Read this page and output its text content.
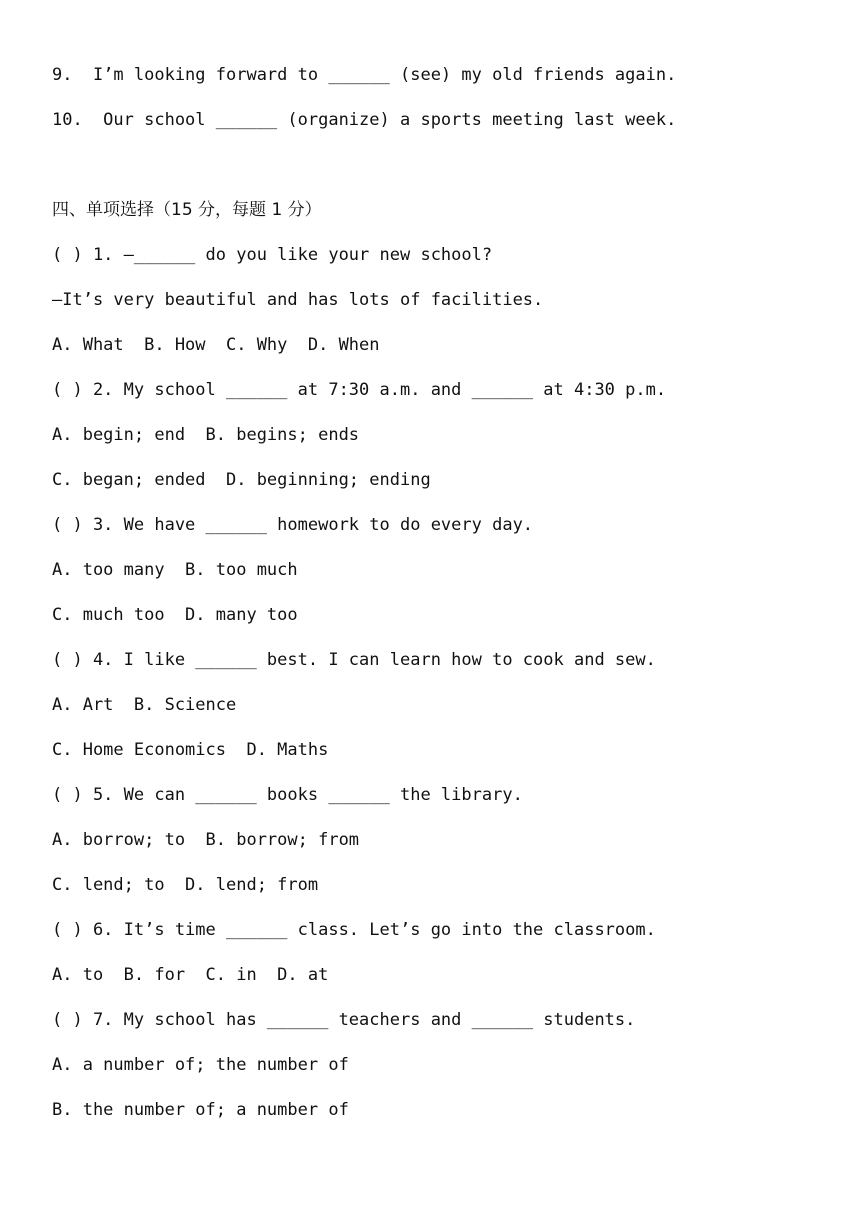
9.  I’m looking forward to ______ (see) my old friends again.
10.  Our school ______ (organize) a sports meeting last week.
四、单项选择（15 分，每题 1 分）
( ) 1. —______ do you like your new school?
—It’s very beautiful and has lots of facilities.
A. What  B. How  C. Why  D. When
( ) 2. My school ______ at 7:30 a.m. and ______ at 4:30 p.m.
A. begin; end  B. begins; ends
C. began; ended  D. beginning; ending
( ) 3. We have ______ homework to do every day.
A. too many  B. too much
C. much too  D. many too
( ) 4. I like ______ best. I can learn how to cook and sew.
A. Art  B. Science
C. Home Economics  D. Maths
( ) 5. We can ______ books ______ the library.
A. borrow; to  B. borrow; from
C. lend; to  D. lend; from
( ) 6. It’s time ______ class. Let’s go into the classroom.
A. to  B. for  C. in  D. at
( ) 7. My school has ______ teachers and ______ students.
A. a number of; the number of
B. the number of; a number of
